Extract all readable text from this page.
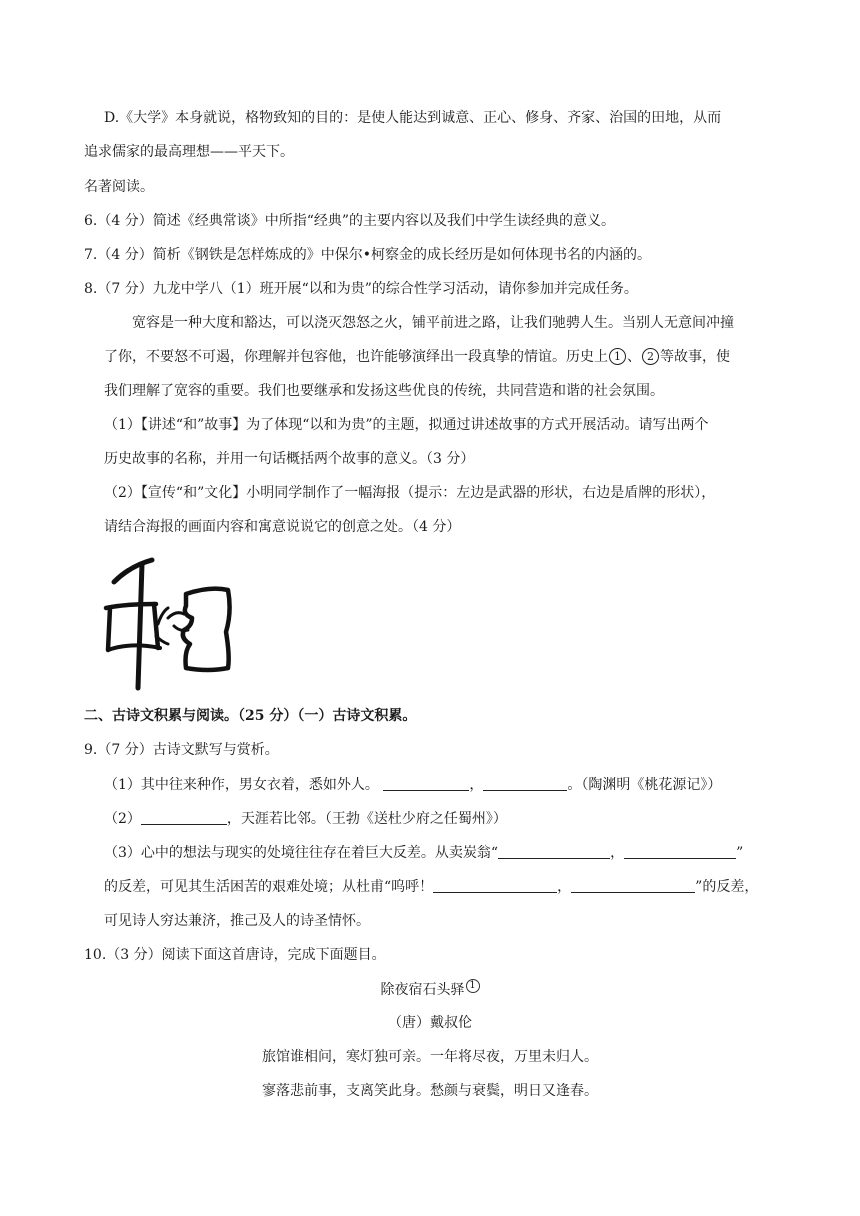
D.《大学》本身就说，格物致知的目的：是使人能达到诚意、正心、修身、齐家、治国的田地，从而
追求儒家的最高理想——平天下。
名著阅读。
6.（4 分）简述《经典常谈》中所指“经典”的主要内容以及我们中学生读经典的意义。
7.（4 分）简析《钢铁是怎样炼成的》中保尔•柯察金的成长经历是如何体现书名的内涵的。
8.（7 分）九龙中学八（1）班开展“以和为贵”的综合性学习活动，请你参加并完成任务。
宽容是一种大度和豁达，可以浇灭怨怒之火，铺平前进之路，让我们驰骋人生。当别人无意间冲撞
了你，不要怒不可遏，你理解并包容他，也许能够演绎出一段真挚的情谊。历史上 1 、 2 等故事，使
我们理解了宽容的重要。我们也要继承和发扬这些优良的传统，共同营造和谐的社会氛围。
（1）【讲述“和”故事】为了体现“以和为贵”的主题，拟通过讲述故事的方式开展活动。请写出两个
历史故事的名称，并用一句话概括两个故事的意义。（3 分）
（2）【宣传“和”文化】小明同学制作了一幅海报（提示：左边是武器的形状，右边是盾牌的形状），
请结合海报的画面内容和寓意说说它的创意之处。（4 分）
二、古诗文积累与阅读。（25 分）（一）古诗文积累。
9.（7 分）古诗文默写与赏析。
（1）其中往来种作，男女衣着，悉如外人。	，	。（陶渊明《桃花源记》）
（2）	，天涯若比邻。（王勃《送杜少府之任蜀州》）
（3）心中的想法与现实的处境往往存在着巨大反差。从卖炭翁“	，	”
的反差，可见其生活困苦的艰难处境；从杜甫“呜呼！	，	”的反差，
可见诗人穷达兼济，推己及人的诗圣情怀。
10.（3 分）阅读下面这首唐诗，完成下面题目。
除夜宿石头驿 $^1$
（唐）戴叔伦
旅馆谁相问，寒灯独可亲。一年将尽夜，万里未归人。
寥落悲前事，支离笑此身。愁颜与衰鬓，明日又逢春。
